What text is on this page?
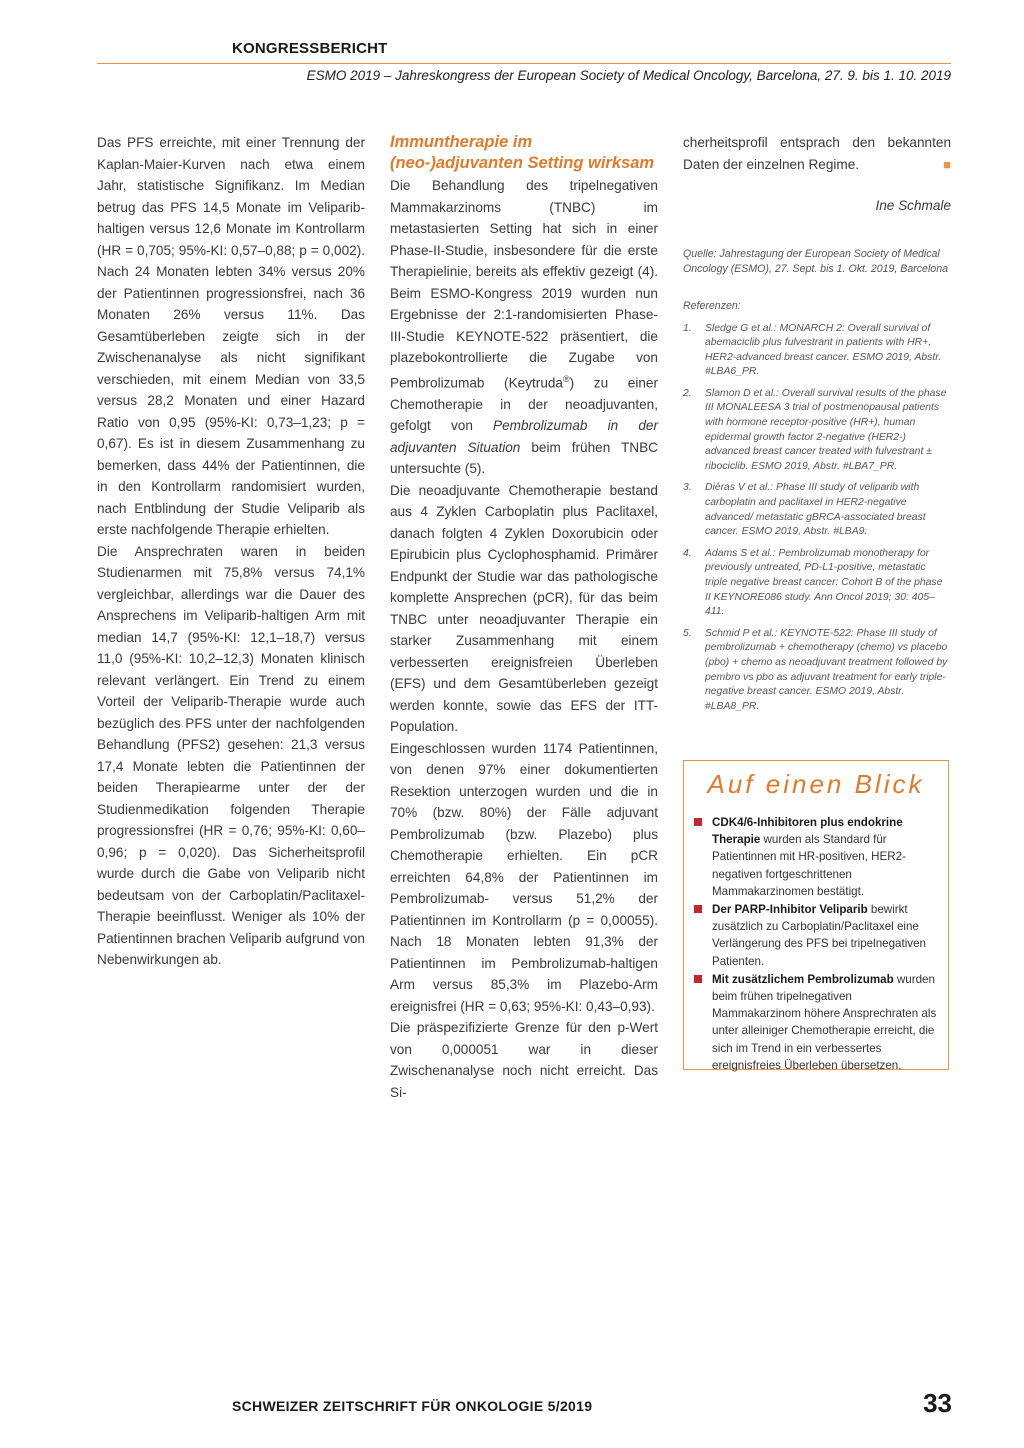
KONGRESSBERICHT
ESMO 2019 – Jahreskongress der European Society of Medical Oncology, Barcelona, 27. 9. bis 1. 10. 2019

Das PFS erreichte, mit einer Trennung der Kaplan-Maier-Kurven nach etwa einem Jahr, statistische Signifikanz. Im Median betrug das PFS 14,5 Monate im Veliparib-haltigen versus 12,6 Monate im Kontrollarm (HR = 0,705; 95%-KI: 0,57–0,88; p = 0,002). Nach 24 Monaten lebten 34% versus 20% der Patientinnen progressionsfrei, nach 36 Monaten 26% versus 11%. Das Gesamtüberleben zeigte sich in der Zwischenanalyse als nicht signifikant verschieden, mit einem Median von 33,5 versus 28,2 Monaten und einer Hazard Ratio von 0,95 (95%-KI: 0,73–1,23; p = 0,67). Es ist in diesem Zusammenhang zu bemerken, dass 44% der Patientinnen, die in den Kontrollarm randomisiert wurden, nach Entblindung der Studie Veliparib als erste nachfolgende Therapie erhielten.

Die Ansprechraten waren in beiden Studienarmen mit 75,8% versus 74,1% vergleichbar, allerdings war die Dauer des Ansprechens im Veliparib-haltigen Arm mit median 14,7 (95%-KI: 12,1–18,7) versus 11,0 (95%-KI: 10,2–12,3) Monaten klinisch relevant verlängert. Ein Trend zu einem Vorteil der Veliparib-Therapie wurde auch bezüglich des PFS unter der nachfolgenden Behandlung (PFS2) gesehen: 21,3 versus 17,4 Monate lebten die Patientinnen der beiden Therapiearme unter der der Studienmedikation folgenden Therapie progressionsfrei (HR = 0,76; 95%-KI: 0,60–0,96; p = 0,020). Das Sicherheitsprofil wurde durch die Gabe von Veliparib nicht bedeutsam von der Carboplatin/Paclitaxel-Therapie beeinflusst. Weniger als 10% der Patientinnen brachen Veliparib aufgrund von Nebenwirkungen ab.

Immuntherapie im (neo-)adjuvanten Setting wirksam

Die Behandlung des tripelnegativen Mammakarzinoms (TNBC) im metastasierten Setting hat sich in einer Phase-II-Studie, insbesondere für die erste Therapielinie, bereits als effektiv gezeigt (4). Beim ESMO-Kongress 2019 wurden nun Ergebnisse der 2:1-randomisierten Phase-III-Studie KEYNOTE-522 präsentiert, die plazebokontrollierte die Zugabe von Pembrolizumab (Keytruda®) zu einer Chemotherapie in der neoadjuvanten, gefolgt von Pembrolizumab in der adjuvanten Situation beim frühen TNBC untersuchte (5).

Die neoadjuvante Chemotherapie bestand aus 4 Zyklen Carboplatin plus Paclitaxel, danach folgten 4 Zyklen Doxorubicin oder Epirubicin plus Cyclophosphamid. Primärer Endpunkt der Studie war das pathologische komplette Ansprechen (pCR), für das beim TNBC unter neoadjuvanter Therapie ein starker Zusammenhang mit einem verbesserten ereignisfreien Überleben (EFS) und dem Gesamtüberleben gezeigt werden konnte, sowie das EFS der ITT-Population.

Eingeschlossen wurden 1174 Patientinnen, von denen 97% einer dokumentierten Resektion unterzogen wurden und die in 70% (bzw. 80%) der Fälle adjuvant Pembrolizumab (bzw. Plazebo) plus Chemotherapie erhielten. Ein pCR erreichten 64,8% der Patientinnen im Pembrolizumab- versus 51,2% der Patientinnen im Kontrollarm (p = 0,00055). Nach 18 Monaten lebten 91,3% der Patientinnen im Pembrolizumab-haltigen Arm versus 85,3% im Plazebo-Arm ereignisfrei (HR = 0,63; 95%-KI: 0,43–0,93).

Die präspezifizierte Grenze für den p-Wert von 0,000051 war in dieser Zwischenanalyse noch nicht erreicht. Das Si-

cherheitsprofil entsprach den bekannten Daten der einzelnen Regime.	■

Ine Schmale
Quelle: Jahrestagung der European Society of Medical Oncology (ESMO), 27. Sept. bis 1. Okt. 2019, Barcelona
Referenzen:
1.	Sledge G et al.: MONARCH 2: Overall survival of abemaciclib plus fulvestrant in patients with HR+, HER2-advanced breast cancer. ESMO 2019, Abstr. #LBA6_PR.
2.	Slamon D et al.: Overall survival results of the phase III MONALEESA 3 trial of postmenopausal patients with hormone receptor-positive (HR+), human epidermal growth factor 2-negative (HER2-) advanced breast cancer treated with fulvestrant ± ribociclib. ESMO 2019, Abstr. #LBA7_PR.
3.	Diéras V et al.: Phase III study of veliparib with carboplatin and paclitaxel in HER2-negative advanced/ metastatic gBRCA-associated breast cancer. ESMO 2019, Abstr. #LBA9.
4.	Adams S et al.: Pembrolizumab monotherapy for previously untreated, PD-L1-positive, metastatic triple negative breast cancer: Cohort B of the phase II KEYNORE086 study. Ann Oncol 2019; 30: 405–411.
5.	Schmid P et al.: KEYNOTE-522: Phase III study of pembrolizumab + chemotherapy (chemo) vs placebo (pbo) + chemo as neoadjuvant treatment followed by pembro vs pbo as adjuvant treatment for early triple-negative breast cancer. ESMO 2019, Abstr. #LBA8_PR.
Auf einen Blick
CDK4/6-Inhibitoren plus endokrine Therapie wurden als Standard für Patientinnen mit HR-positiven, HER2-negativen fortgeschrittenen Mammakarzinomen bestätigt.
Der PARP-Inhibitor Veliparib bewirkt zusätzlich zu Carboplatin/Paclitaxel eine Verlängerung des PFS bei tripelnegativen Patienten.
Mit zusätzlichem Pembrolizumab wurden beim frühen tripelnegativen Mammakarzinom höhere Ansprechraten als unter alleiniger Chemotherapie erreicht, die sich im Trend in ein verbessertes ereignisfreies Überleben übersetzen.
SCHWEIZER ZEITSCHRIFT FÜR ONKOLOGIE 5/2019	33
